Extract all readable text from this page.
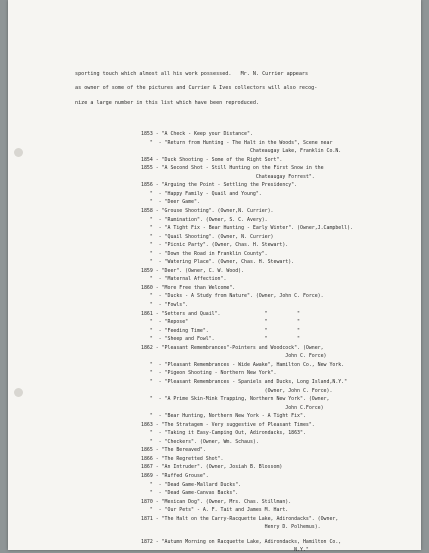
sporting touch which almost all his work possessed.   Mr. N. Currier appears
as owner of some of the pictures and Currier & Ives collectors will also recog-
nize a large number in this list which have been reproduced.
1853 - "A Check - Keep your Distance".
"  - "Return from Hunting - The Halt in the Woods", Scene near
Chateaugay Lake, Franklin Co.N.
1854 - "Duck Shooting - Some of the Right Sort".
1855 - "A Second Shot - Still Hunting on the First Snow in the
Chateaugay Forrest".
1856 - "Arguing the Point - Settling the Presidency".
"  - "Happy Family - Quail and Young".
"  - "Deer Game".
1858 - "Grouse Shooting". (Owner,N. Currier).
"  - "Rumination". (Owner, S. C. Avery).
"  - "A Tight Fix - Bear Hunting - Early Winter". (Owner,J.Campbell).
"  - "Quail Shooting". (Owner, N. Currier)
"  - "Picnic Party". (Owner, Chas. H. Stewart).
"  - "Down the Road in Franklin County".
"  - "Watering Place". (Owner, Chas. H. Stewart).
1859 - "Deer". (Owner, C. W. Wood).
"  - "Maternal Affection".
1860 - "More Free than Welcome".
"  - "Ducks - A Study from Nature". (Owner, John C. Force).
"  - "Fowls".
1861 - "Setters and Quail".               "          "
"  - "Repose"                          "          "
"  - "Feeding Time".                   "          "
"  - "Sheep and Fowl".                 "          "
1862 - "Pleasant Remembrances"-Pointers and Woodcock". (Owner,
John C. Force)
"  - "Pleasant Remembrances - Wide Awake", Hamilton Co., New York.
"  - "Pigeon Shooting - Northern New York".
"  - "Pleasant Remembrances - Spaniels and Ducks, Long Island,N.Y."
(Owner, John C. Force).
"  - "A Prime Skin-Mink Trapping, Northern New York". (Owner,
John C.Force)
"  - "Bear Hunting, Northern New York - A Tight Fix".
1863 - "The Stratagem - Very suggestive of Pleasant Times".
"  - "Taking it Easy-Camping Out, Adirondacks, 1863".
"  - "Checkers". (Owner, Wm. Schaus).
1865 - "The Bereaved".
1866 - "The Regretted Shot".
1867 - "An Intruder". (Owner, Josiah B. Blossom)
1869 - "Ruffed Grouse".
"  - "Dead Game-Mallard Ducks".
"  - "Dead Game-Canvas Backs".
1870 - "Mexican Dog". (Owner, Mrs. Chas. Stillman).
"  - "Our Pets" - A. F. Tait and James M. Hart.
1871 - "The Halt on the Carry-Racquette Lake, Adirondacks". (Owner,
Henry D. Polhemus).
1872 - "Autumn Morning on Racquette Lake, Adirondacks, Hamilton Co.,
N.Y."
